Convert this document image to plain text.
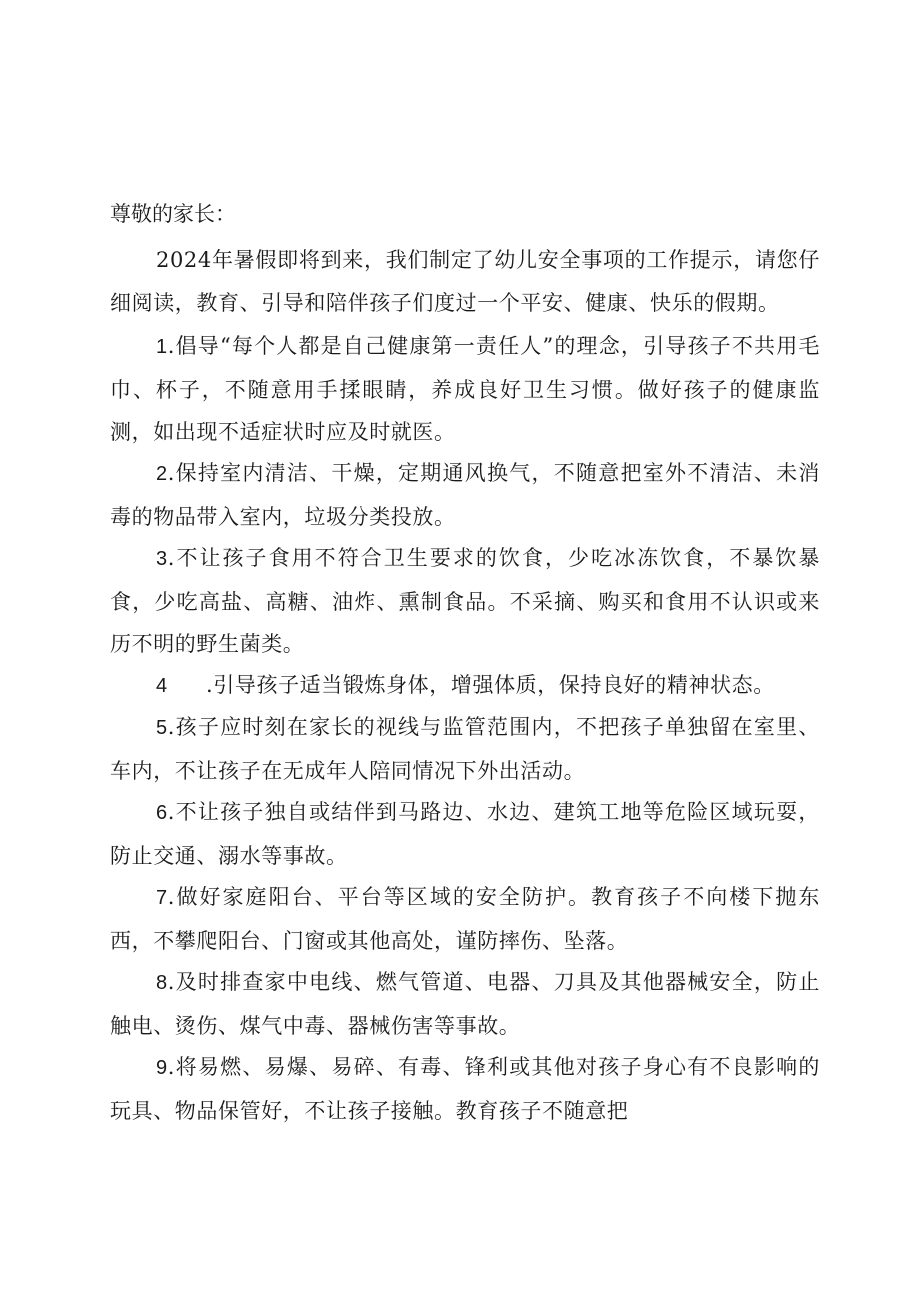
尊敬的家长：
2024年暑假即将到来，我们制定了幼儿安全事项的工作提示，请您仔细阅读，教育、引导和陪伴孩子们度过一个平安、健康、快乐的假期。
1.倡导“每个人都是自己健康第一责任人”的理念，引导孩子不共用毛巾、杯子，不随意用手揉眼睛，养成良好卫生习惯。做好孩子的健康监测，如出现不适症状时应及时就医。
2.保持室内清洁、干燥，定期通风换气，不随意把室外不清洁、未消毒的物品带入室内，垃圾分类投放。
3.不让孩子食用不符合卫生要求的饮食，少吃冰冻饮食，不暴饮暴食，少吃高盐、高糖、油炸、熏制食品。不采摘、购买和食用不认识或来历不明的野生菌类。
4 .引导孩子适当锻炼身体，增强体质，保持良好的精神状态。
5.孩子应时刻在家长的视线与监管范围内，不把孩子单独留在室里、车内，不让孩子在无成年人陪同情况下外出活动。
6.不让孩子独自或结伴到马路边、水边、建筑工地等危险区域玩耍，防止交通、溺水等事故。
7.做好家庭阳台、平台等区域的安全防护。教育孩子不向楼下抛东西，不攀爬阳台、门窗或其他高处，谨防摔伤、坠落。
8.及时排查家中电线、燃气管道、电器、刀具及其他器械安全，防止触电、烫伤、煤气中毒、器械伤害等事故。
9.将易燃、易爆、易碎、有毒、锋利或其他对孩子身心有不良影响的玩具、物品保管好，不让孩子接触。教育孩子不随意把
